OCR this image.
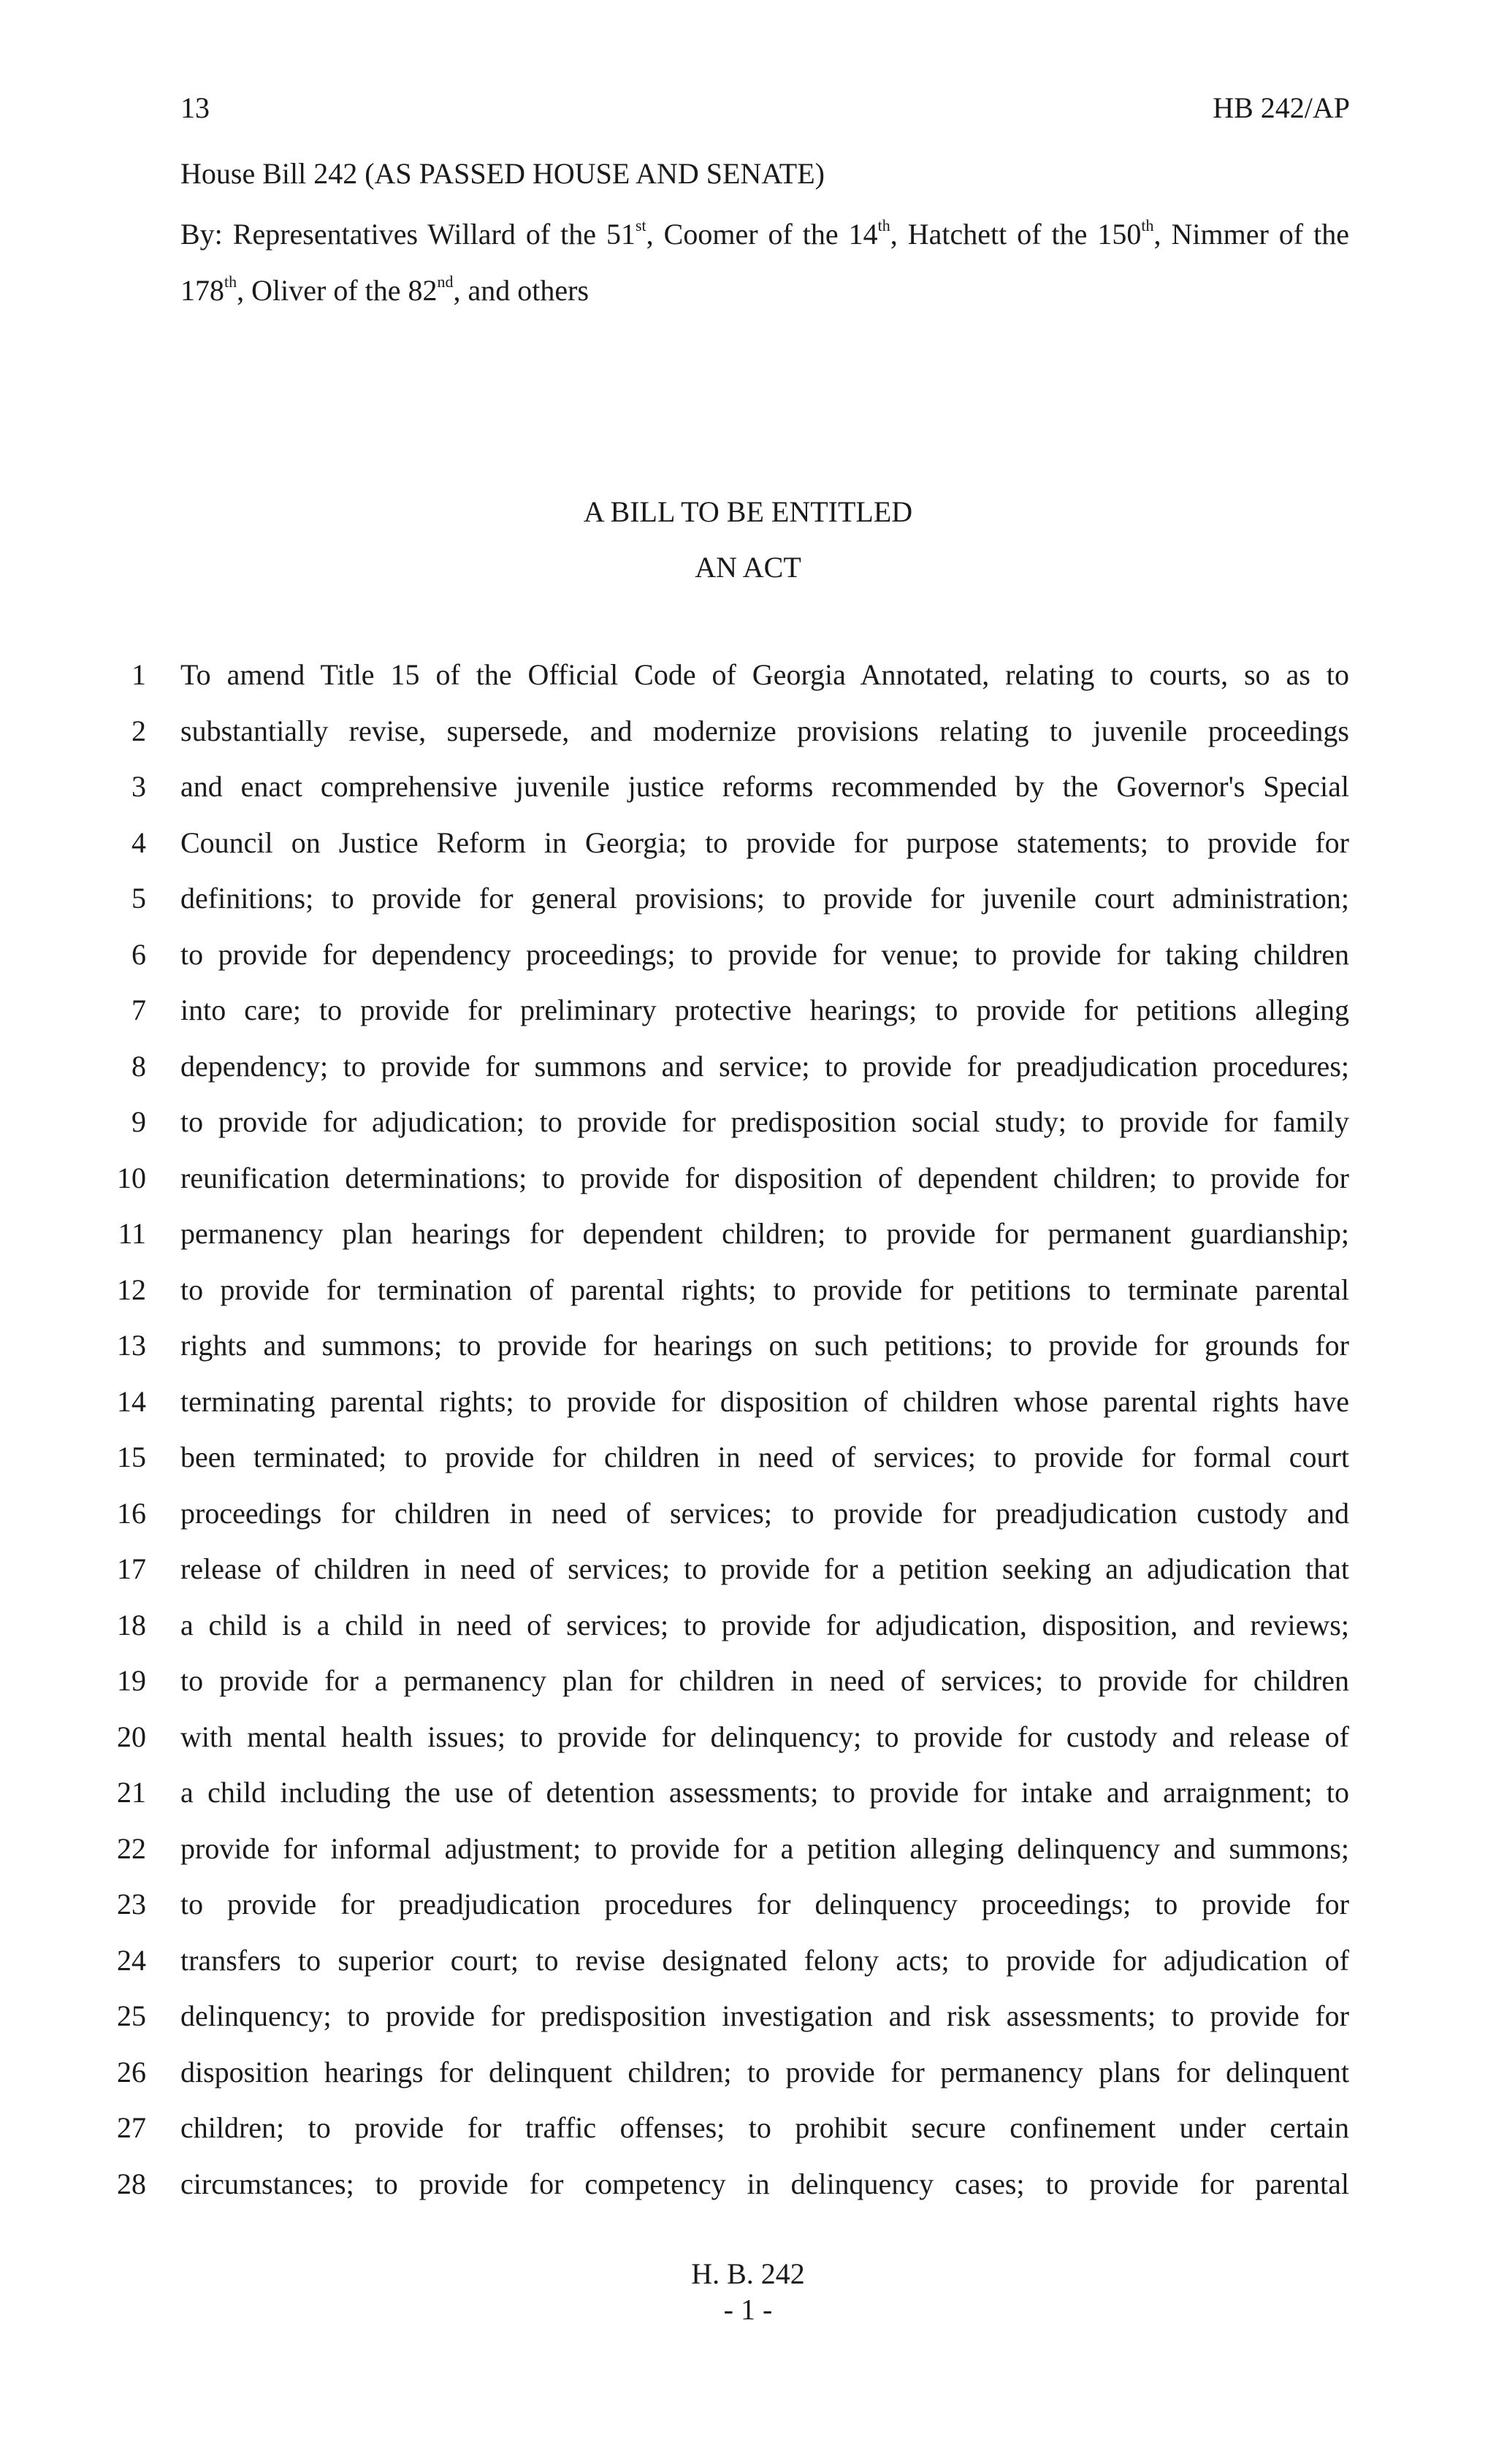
13	HB 242/AP
House Bill 242 (AS PASSED HOUSE AND SENATE)
By: Representatives Willard of the 51st, Coomer of the 14th, Hatchett of the 150th, Nimmer of the 178th, Oliver of the 82nd, and others
A BILL TO BE ENTITLED
AN ACT
1 To amend Title 15 of the Official Code of Georgia Annotated, relating to courts, so as to
2 substantially revise, supersede, and modernize provisions relating to juvenile proceedings
3 and enact comprehensive juvenile justice reforms recommended by the Governor's Special
4 Council on Justice Reform in Georgia; to provide for purpose statements; to provide for
5 definitions; to provide for general provisions; to provide for juvenile court administration;
6 to provide for dependency proceedings; to provide for venue; to provide for taking children
7 into care; to provide for preliminary protective hearings; to provide for petitions alleging
8 dependency; to provide for summons and service; to provide for preadjudication procedures;
9 to provide for adjudication; to provide for predisposition social study; to provide for family
10 reunification determinations; to provide for disposition of dependent children; to provide for
11 permanency plan hearings for dependent children; to provide for permanent guardianship;
12 to provide for termination of parental rights; to provide for petitions to terminate parental
13 rights and summons; to provide for hearings on such petitions; to provide for grounds for
14 terminating parental rights; to provide for disposition of children whose parental rights have
15 been terminated; to provide for children in need of services; to provide for formal court
16 proceedings for children in need of services; to provide for preadjudication custody and
17 release of children in need of services; to provide for a petition seeking an adjudication that
18 a child is a child in need of services; to provide for adjudication, disposition, and reviews;
19 to provide for a permanency plan for children in need of services; to provide for children
20 with mental health issues; to provide for delinquency; to provide for custody and release of
21 a child including the use of detention assessments; to provide for intake and arraignment; to
22 provide for informal adjustment; to provide for a petition alleging delinquency and summons;
23 to provide for preadjudication procedures for delinquency proceedings; to provide for
24 transfers to superior court; to revise designated felony acts; to provide for adjudication of
25 delinquency; to provide for predisposition investigation and risk assessments; to provide for
26 disposition hearings for delinquent children; to provide for permanency plans for delinquent
27 children; to provide for traffic offenses; to prohibit secure confinement under certain
28 circumstances; to provide for competency in delinquency cases; to provide for parental
H. B. 242
- 1 -
